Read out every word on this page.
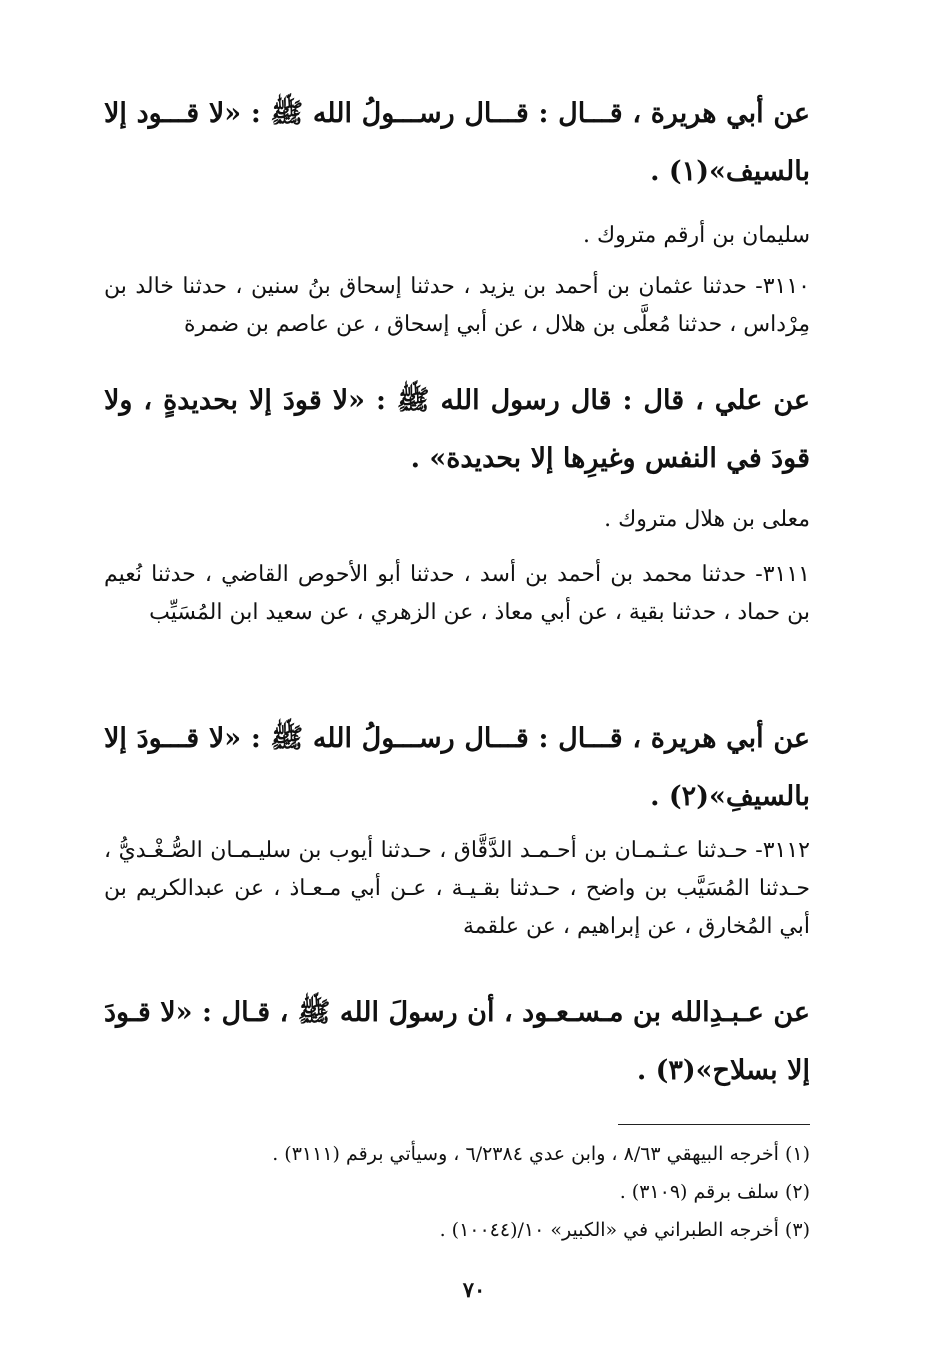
عن أبي هريرة ، قـــال : قـــال رســـولُ الله ﷺ : «لا قـــود إلا بالسيف»(١) .
سليمان بن أرقم متروك .
٣١١٠- حدثنا عثمان بن أحمد بن يزيد ، حدثنا إسحاق بنُ سنين ، حدثنا خالد بن مِرْداس ، حدثنا مُعلَّى بن هلال ، عن أبي إسحاق ، عن عاصم بن ضمرة
عن علي ، قال : قال رسول الله ﷺ : «لا قودَ إلا بحديدةٍ ، ولا قودَ في النفس وغيرِها إلا بحديدة» .
معلى بن هلال متروك .
٣١١١- حدثنا محمد بن أحمد بن أسد ، حدثنا أبو الأحوص القاضي ، حدثنا نُعيم بن حماد ، حدثنا بقية ، عن أبي معاذ ، عن الزهري ، عن سعيد ابن المُسَيِّب
عن أبي هريرة ، قـــال : قـــال رســـولُ الله ﷺ : «لا قـــودَ إلا بالسيفِ»(٢) .
٣١١٢- حـدثنا عـثـمـان بن أحـمـد الدَّقَّاق ، حـدثنا أيوب بن سليـمـان الصُّـغْـديُّ ، حـدثنا المُسَيَّب بن واضح ، حـدثنا بقـيـة ، عـن أبي مـعـاذ ، عن عبدالكريم بن أبي المُخارق ، عن إبراهيم ، عن علقمة
عن عـبـدِالله بن مـسـعـود ، أن رسولَ الله ﷺ ، قـال : «لا قـودَ إلا بسلاح»(٣) .
(١) أخرجه البيهقي ٨/٦٣ ، وابن عدي ٦/٢٣٨٤ ، وسيأتي برقم (٣١١١) .
(٢) سلف برقم (٣١٠٩) .
(٣) أخرجه الطبراني في «الكبير» ١٠/(١٠٠٤٤) .
٧٠
